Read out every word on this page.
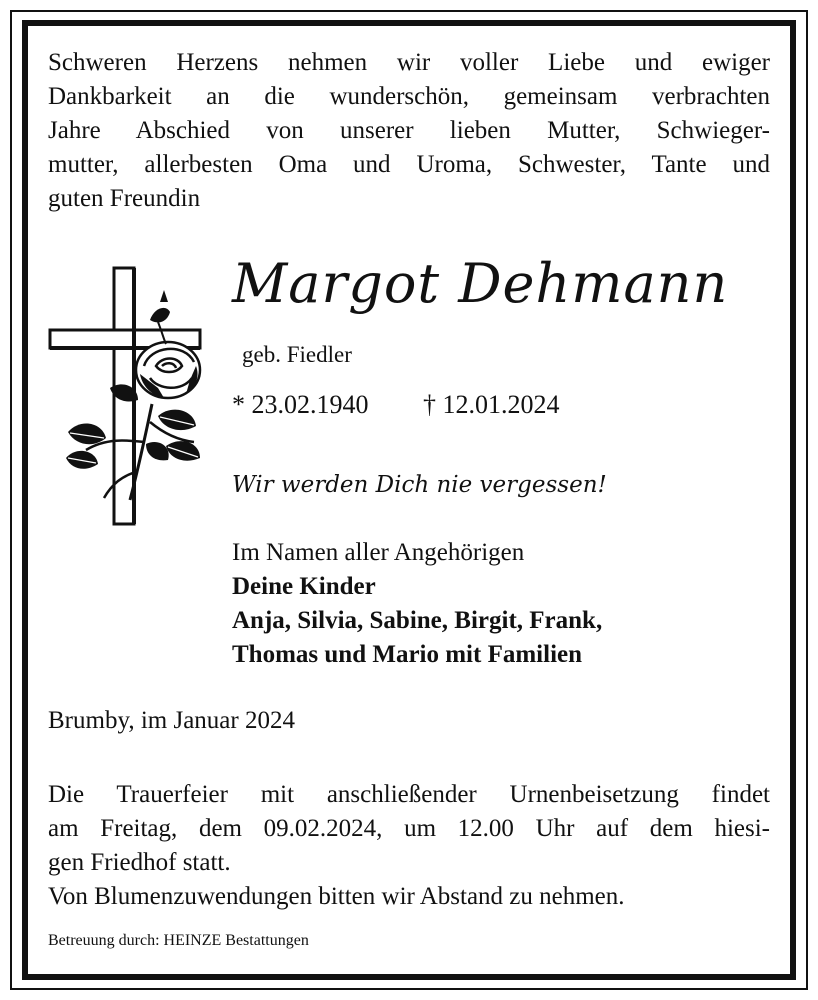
Schweren Herzens nehmen wir voller Liebe und ewiger
Dankbarkeit an die wunderschön, gemeinsam verbrachten
Jahre Abschied von unserer lieben Mutter, Schwieger-
mutter, allerbesten Oma und Uroma, Schwester, Tante und
guten Freundin

Margot Dehmann
geb. Fiedler
* 23.02.1940 † 12.01.2024
Wir werden Dich nie vergessen!
Im Namen aller Angehörigen
Deine Kinder
Anja, Silvia, Sabine, Birgit, Frank,
Thomas und Mario mit Familien
Brumby, im Januar 2024

Die Trauerfeier mit anschließender Urnenbeisetzung findet
am Freitag, dem 09.02.2024, um 12.00 Uhr auf dem hiesi-
gen Friedhof statt.
Von Blumenzuwendungen bitten wir Abstand zu nehmen.

Betreuung durch: HEINZE Bestattungen
